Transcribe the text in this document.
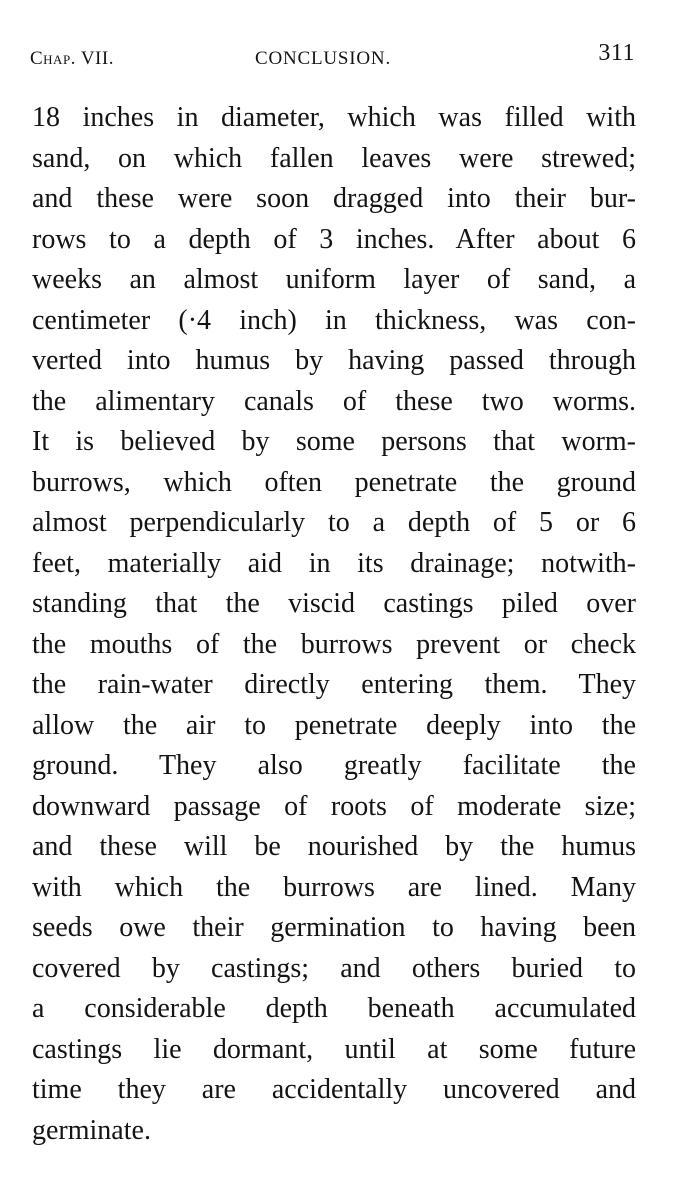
Chap. VII.	CONCLUSION.	311
18 inches in diameter, which was filled with
sand, on which fallen leaves were strewed;
and these were soon dragged into their bur-
rows to a depth of 3 inches. After about 6
weeks an almost uniform layer of sand, a
centimeter (·4 inch) in thickness, was con-
verted into humus by having passed through
the alimentary canals of these two worms.
It is believed by some persons that worm-
burrows, which often penetrate the ground
almost perpendicularly to a depth of 5 or 6
feet, materially aid in its drainage; notwith-
standing that the viscid castings piled over
the mouths of the burrows prevent or check
the rain-water directly entering them. They
allow the air to penetrate deeply into the
ground. They also greatly facilitate the
downward passage of roots of moderate size;
and these will be nourished by the humus
with which the burrows are lined. Many
seeds owe their germination to having been
covered by castings; and others buried to
a considerable depth beneath accumulated
castings lie dormant, until at some future
time they are accidentally uncovered and
germinate.
